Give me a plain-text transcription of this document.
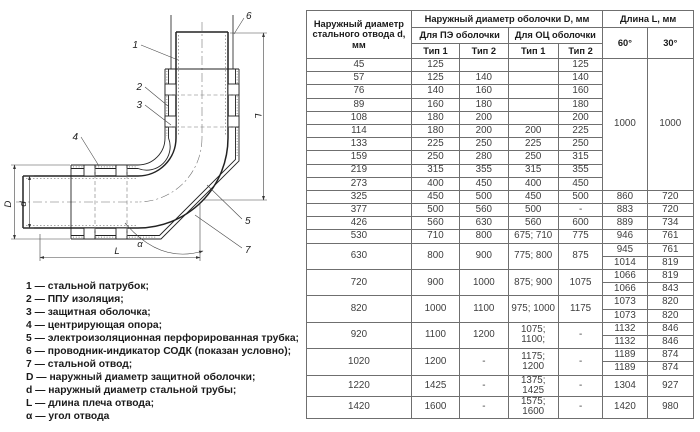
L
L
D d
α
1
2
3
4
5
6
7
1 — стальной патрубок;
2 — ППУ изоляция;
3 — защитная оболочка;
4 — центрирующая опора;
5 — электроизоляционная перфорированная трубка;
6 — проводник-индикатор СОДК (показан условно);
7 — стальной отвод;
D — наружный диаметр защитной оболочки;
d — наружный диаметр стальной трубы;
L — длина плеча отвода;
α — угол отвода
Наружный диаметр стального отвода d, мм	Наружный диаметр оболочки D, мм				Длина L, мм	
	Для ПЭ оболочки		Для ОЦ оболочки		60°	30°
	Тип 1	Тип 2	Тип 1	Тип 2		
45	125			125	1000	1000
57	125	140		140		
76	140	160		160		
89	160	180		180		
108	180	200		200		
114	180	200	200	225		
133	225	250	225	250		
159	250	280	250	315		
219	315	355	315	355		
273	400	450	400	450		
325	450	500	450	500	860	720
377	500	560	500	-	883	720
426	560	630	560	600	889	734
530	710	800	675; 710	775	946	761
630	800	900	775; 800	875	945	761
					1014	819
720	900	1000	875; 900	1075	1066	819
					1066	843
820	1000	1100	975; 1000	1175	1073	820
					1073	820
920	1100	1200	1075; 1100;	-	1132	846
					1132	846
1020	1200	-	1175; 1200	-	1189	874
					1189	874
1220	1425	-	1375; 1425	-	1304	927
1420	1600	-	1575; 1600	-	1420	980
